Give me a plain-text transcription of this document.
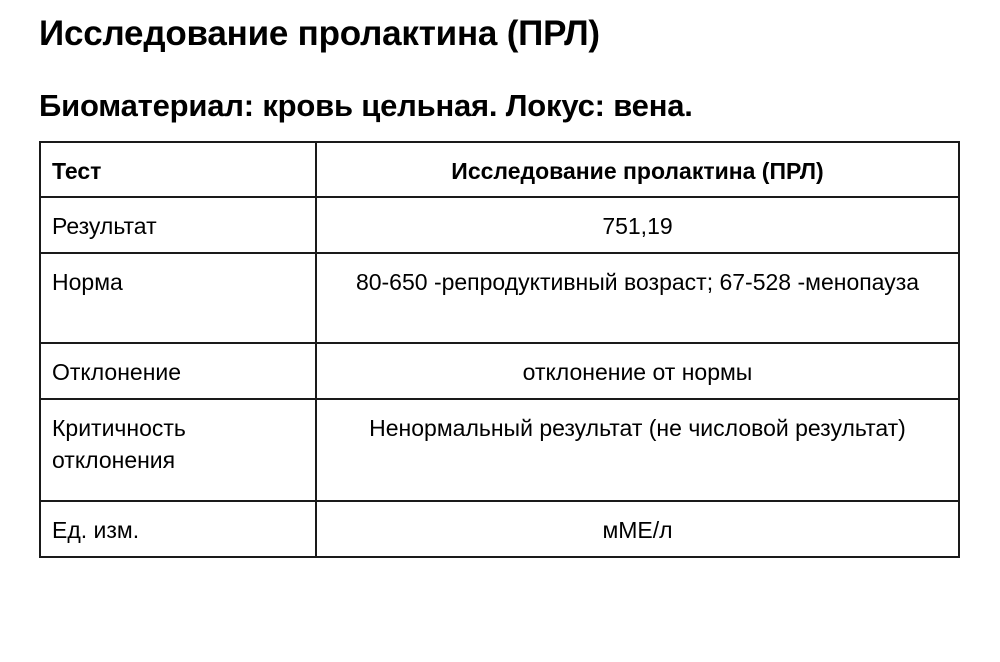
Исследование пролактина (ПРЛ)
Биоматериал: кровь цельная. Локус: вена.
Тест	Исследование пролактина (ПРЛ)
Результат	751,19
Норма	80-650 -репродуктивный возраст; 67-528 -менопауза
Отклонение	отклонение от нормы
Критичность отклонения	Ненормальный результат (не числовой результат)
Ед. изм.	мМЕ/л
